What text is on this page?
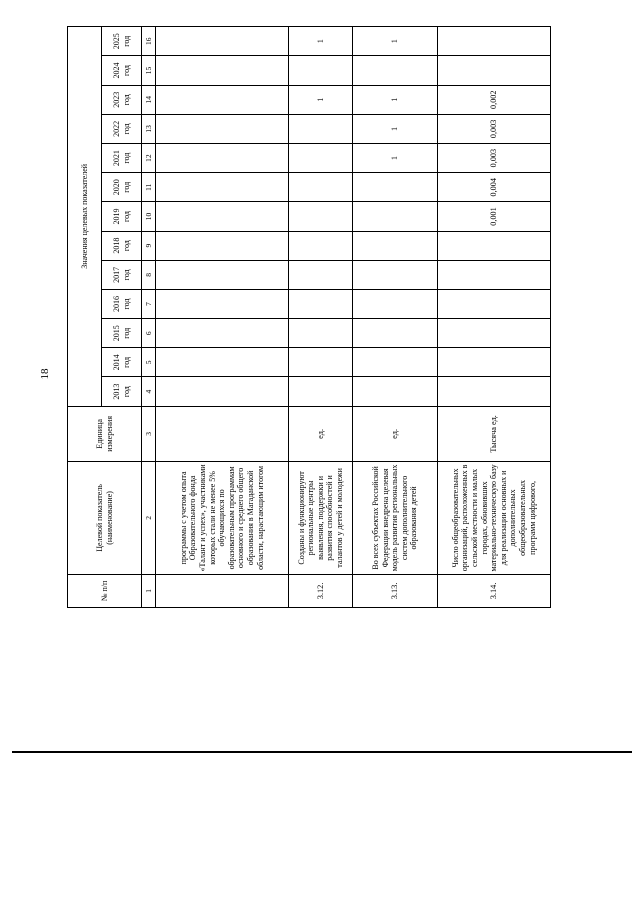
18
№ п/п	Целевой показатель (наименование)	Единица измерения	Значения целевых показателей												
			2013 год	2014 год	2015 год	2016 год	2017 год	2018 год	2019 год	2020 год	2021 год	2022 год	2023 год	2024 год	2025 год
1	2	3	4	5	6	7	8	9	10	11	12	13	14	15	16
	программы с учетом опыта Образовательного фонда «Талант и успех», участниками которых стали не менее 5% обучающихся по образовательным программам основного и среднего общего образования в Магаданской области, нарастающим итогом														
3.12.	Созданы и функционируют региональные центры выявления, поддержки и развития способностей и талантов у детей и молодежи	ед.											1		1
3.13.	Во всех субъектах Российской Федерации внедрена целевая модель развития региональных систем дополнительного образования детей	ед.									1	1	1		1
3.14.	Число общеобразовательных организаций, расположенных в сельской местности и малых городах, обновивших материально-техническую базу для реализации основных и дополнительных общеобразовательных программ цифрового,	Тысяча ед.							0,001	0,004	0,003	0,003	0,002		
